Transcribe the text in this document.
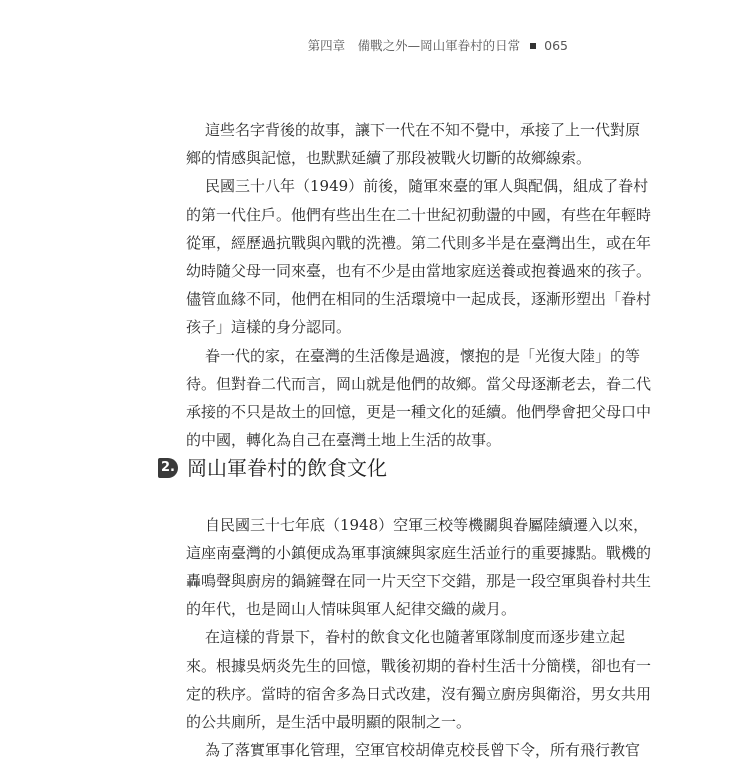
第四章　備戰之外—岡山軍眷村的日常 065
這些名字背後的故事，讓下一代在不知不覺中，承接了上一代對原
鄉的情感與記憶，也默默延續了那段被戰火切斷的故鄉線索。
民國三十八年（1949）前後，隨軍來臺的軍人與配偶，組成了眷村
的第一代住戶。他們有些出生在二十世紀初動盪的中國，有些在年輕時
從軍，經歷過抗戰與內戰的洗禮。第二代則多半是在臺灣出生，或在年
幼時隨父母一同來臺，也有不少是由當地家庭送養或抱養過來的孩子。
儘管血緣不同，他們在相同的生活環境中一起成長，逐漸形塑出「眷村
孩子」這樣的身分認同。
眷一代的家，在臺灣的生活像是過渡，懷抱的是「光復大陸」的等
待。但對眷二代而言，岡山就是他們的故鄉。當父母逐漸老去，眷二代
承接的不只是故土的回憶，更是一種文化的延續。他們學會把父母口中
的中國，轉化為自己在臺灣土地上生活的故事。
2. 岡山軍眷村的飲食文化
自民國三十七年底（1948）空軍三校等機關與眷屬陸續遷入以來，
這座南臺灣的小鎮便成為軍事演練與家庭生活並行的重要據點。戰機的
轟鳴聲與廚房的鍋鏟聲在同一片天空下交錯，那是一段空軍與眷村共生
的年代，也是岡山人情味與軍人紀律交織的歲月。
在這樣的背景下，眷村的飲食文化也隨著軍隊制度而逐步建立起
來。根據吳炳炎先生的回憶，戰後初期的眷村生活十分簡樸，卻也有一
定的秩序。當時的宿舍多為日式改建，沒有獨立廚房與衛浴，男女共用
的公共廁所，是生活中最明顯的限制之一。
為了落實軍事化管理，空軍官校胡偉克校長曾下令，所有飛行教官
